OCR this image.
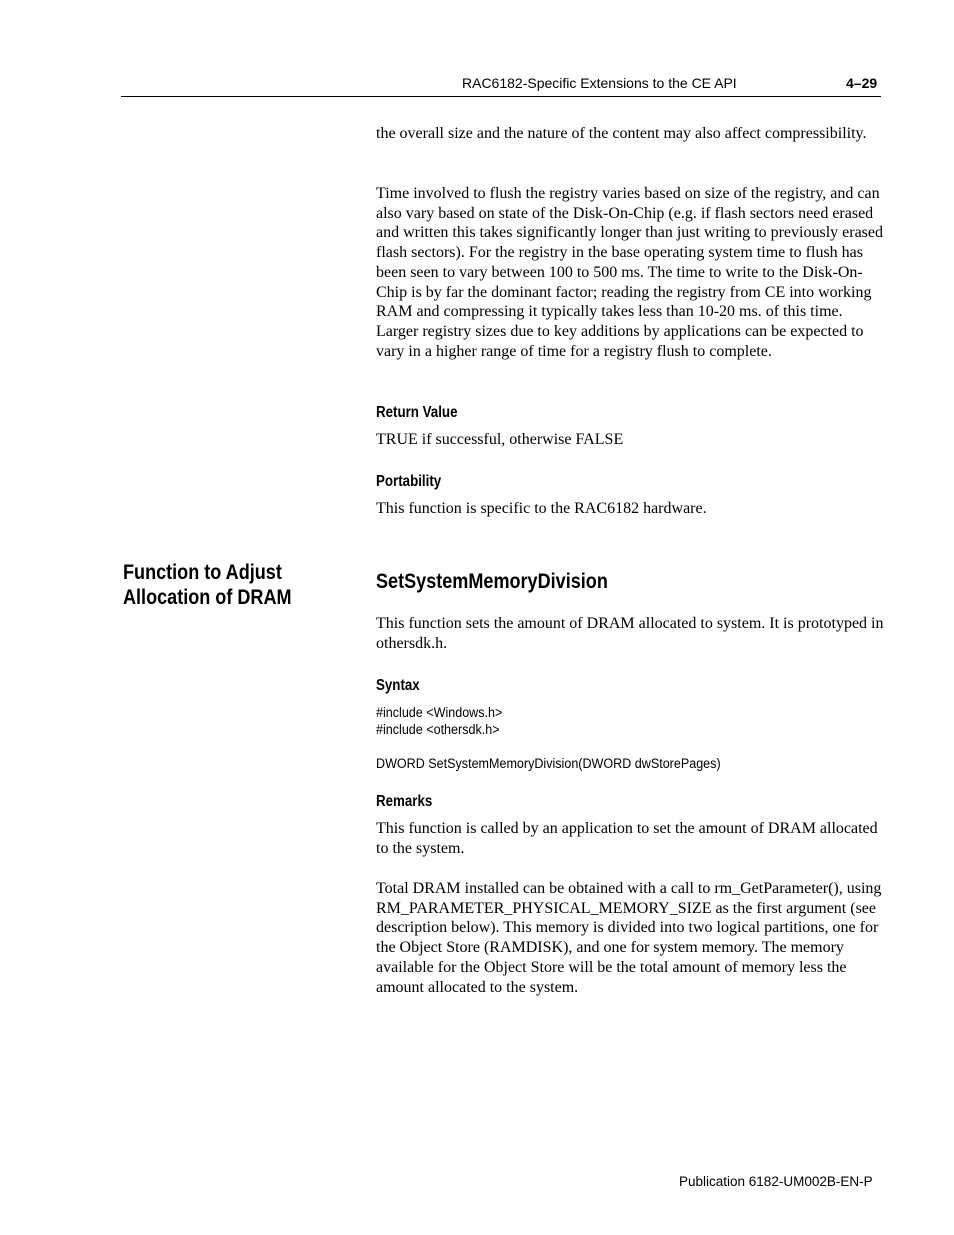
RAC6182-Specific Extensions to the CE API	4–29

the overall size and the nature of the content may also affect compressibility.

Time involved to flush the registry varies based on size of the registry, and can also vary based on state of the Disk-On-Chip (e.g. if flash sectors need erased and written this takes significantly longer than just writing to previously erased flash sectors). For the registry in the base operating system time to flush has been seen to vary between 100 to 500 ms. The time to write to the Disk-On-Chip is by far the dominant factor; reading the registry from CE into working RAM and compressing it typically takes less than 10-20 ms. of this time. Larger registry sizes due to key additions by applications can be expected to vary in a higher range of time for a registry flush to complete.

Return Value
TRUE if successful, otherwise FALSE
Portability
This function is specific to the RAC6182 hardware.
Function to Adjust
Allocation of DRAM
SetSystemMemoryDivision

This function sets the amount of DRAM allocated to system. It is prototyped in othersdk.h.

Syntax
#include <Windows.h>
#include <othersdk.h>
DWORD SetSystemMemoryDivision(DWORD dwStorePages)
Remarks

This function is called by an application to set the amount of DRAM allocated to the system.

Total DRAM installed can be obtained with a call to rm_GetParameter(), using RM_PARAMETER_PHYSICAL_MEMORY_SIZE as the first argument (see description below). This memory is divided into two logical partitions, one for the Object Store (RAMDISK), and one for system memory. The memory available for the Object Store will be the total amount of memory less the amount allocated to the system.

Publication 6182-UM002B-EN-P
